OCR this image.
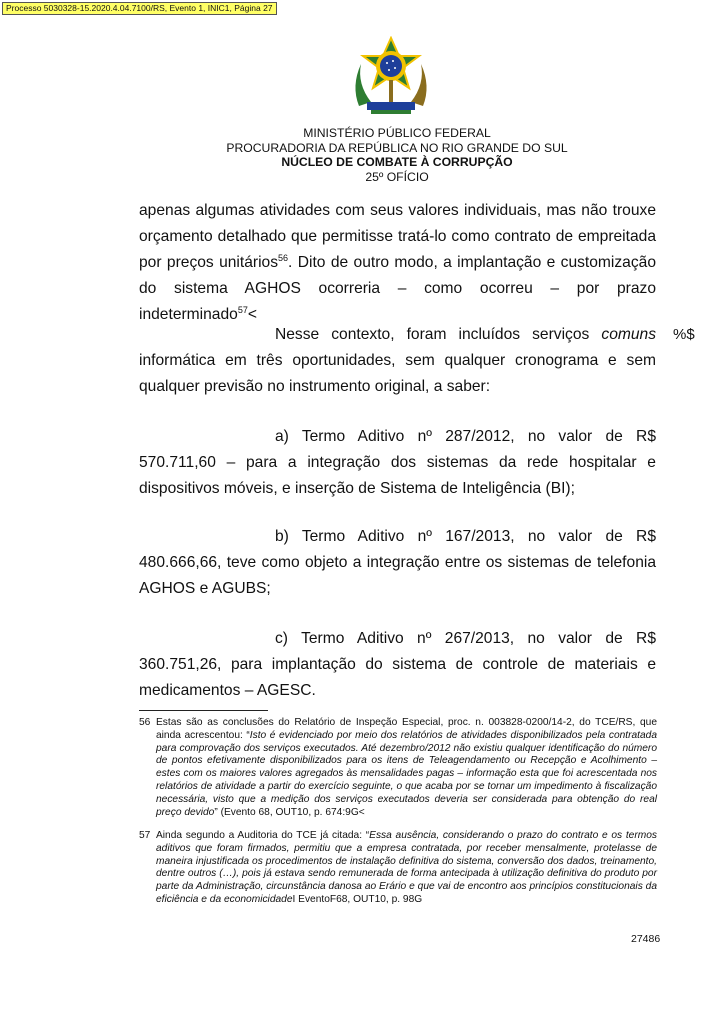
Processo 5030328-15.2020.4.04.7100/RS, Evento 1, INIC1, Página 27
MINISTÉRIO PÚBLICO FEDERAL
PROCURADORIA DA REPÚBLICA NO RIO GRANDE DO SUL
NÚCLEO DE COMBATE À CORRUPÇÃO
25º OFÍCIO
apenas algumas atividades com seus valores individuais, mas não trouxe orçamento detalhado que permitisse tratá-lo como contrato de empreitada por preços unitários$^{56}$. Dito de outro modo, a implantação e customização do sistema AGHOS ocorreria – como ocorreu – por prazo indeterminado$^{57}$<
Nesse contexto, foram incluídos serviços comuns informática em três oportunidades, sem qualquer cronograma e sem qualquer previsão no instrumento original, a saber:
%$
a) Termo Aditivo nº 287/2012, no valor de R$ 570.711,60 – para a integração dos sistemas da rede hospitalar e dispositivos móveis, e inserção de Sistema de Inteligência (BI);
b) Termo Aditivo nº 167/2013, no valor de R$ 480.666,66, teve como objeto a integração entre os sistemas de telefonia AGHOS e AGUBS;
c) Termo Aditivo nº 267/2013, no valor de R$ 360.751,26, para implantação do sistema de controle de materiais e medicamentos – AGESC.
56 Estas são as conclusões do Relatório de Inspeção Especial, proc. n. 003828-0200/14-2, do TCE/RS, que ainda acrescentou: “Isto é evidenciado por meio dos relatórios de atividades disponibilizados pela contratada para comprovação dos serviços executados. Até dezembro/2012 não existiu qualquer identificação do número de pontos efetivamente disponibilizados para os itens de Teleagendamento ou Recepção e Acolhimento – estes com os maiores valores agregados às mensalidades pagas – informação esta que foi acrescentada nos relatórios de atividade a partir do exercício seguinte, o que acaba por se tornar um impedimento à fiscalização necessária, visto que a medição dos serviços executados deveria ser considerada para obtenção do real preço devido” (Evento 68, OUT10, p. 674:9G<
57 Ainda segundo a Auditoria do TCE já citada: “Essa ausência, considerando o prazo do contrato e os termos aditivos que foram firmados, permitiu que a empresa contratada, por receber mensalmente, protelasse de maneira injustificada os procedimentos de instalação definitiva do sistema, conversão dos dados, treinamento, dentre outros (…), pois já estava sendo remunerada de forma antecipada à utilização definitiva do produto por parte da Administração, circunstância danosa ao Erário e que vai de encontro aos princípios constitucionais da eficiência e da economicidadeI EventoF68, OUT10, p. 98G
27486
